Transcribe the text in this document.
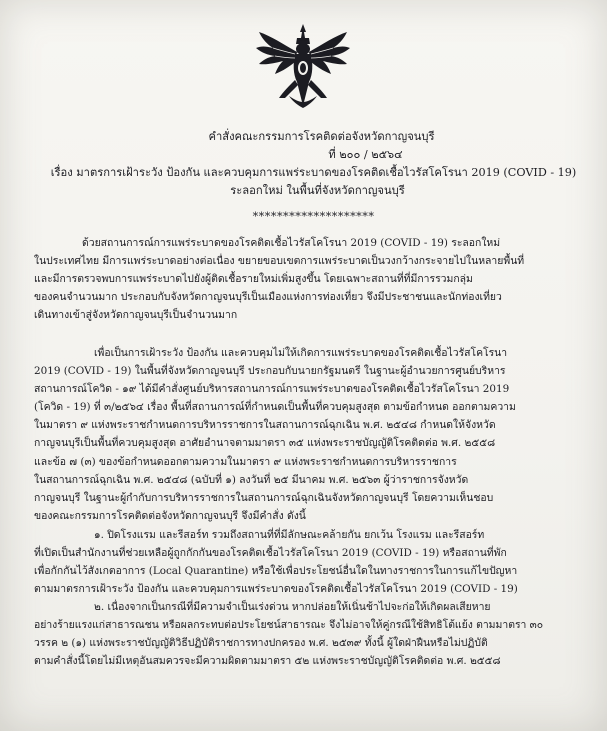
คำสั่งคณะกรรมการโรคติดต่อจังหวัดกาญจนบุรี
ที่ ๒๐๐ / ๒๕๖๔
เรื่อง มาตรการเฝ้าระวัง ป้องกัน และควบคุมการแพร่ระบาดของโรคติดเชื้อไวรัสโคโรนา 2019 (COVID - 19)
ระลอกใหม่ ในพื้นที่จังหวัดกาญจนบุรี
********************
ด้วยสถานการณ์การแพร่ระบาดของโรคติดเชื้อไวรัสโคโรนา 2019 (COVID - 19) ระลอกใหม่
ในประเทศไทย มีการแพร่ระบาดอย่างต่อเนื่อง ขยายขอบเขตการแพร่ระบาดเป็นวงกว้างกระจายไปในหลายพื้นที่
และมีการตรวจพบการแพร่ระบาดไปยังผู้ติดเชื้อรายใหม่เพิ่มสูงขึ้น โดยเฉพาะสถานที่ที่มีการรวมกลุ่ม
ของคนจำนวนมาก ประกอบกับจังหวัดกาญจนบุรีเป็นเมืองแห่งการท่องเที่ยว จึงมีประชาชนและนักท่องเที่ยว
เดินทางเข้าสู่จังหวัดกาญจนบุรีเป็นจำนวนมาก
เพื่อเป็นการเฝ้าระวัง ป้องกัน และควบคุมไม่ให้เกิดการแพร่ระบาดของโรคติดเชื้อไวรัสโคโรนา
2019 (COVID - 19) ในพื้นที่จังหวัดกาญจนบุรี ประกอบกับนายกรัฐมนตรี ในฐานะผู้อำนวยการศูนย์บริหาร
สถานการณ์โควิด - ๑๙ ได้มีคำสั่งศูนย์บริหารสถานการณ์การแพร่ระบาดของโรคติดเชื้อไวรัสโคโรนา 2019
(โควิด - 19) ที่ ๓/๒๕๖๔ เรื่อง พื้นที่สถานการณ์ที่กำหนดเป็นพื้นที่ควบคุมสูงสุด ตามข้อกำหนด ออกตามความ
ในมาตรา ๙ แห่งพระราชกำหนดการบริหารราชการในสถานการณ์ฉุกเฉิน พ.ศ. ๒๕๔๘ กำหนดให้จังหวัด
กาญจนบุรีเป็นพื้นที่ควบคุมสูงสุด อาศัยอำนาจตามมาตรา ๓๕ แห่งพระราชบัญญัติโรคติดต่อ พ.ศ. ๒๕๕๘
และข้อ ๗ (๓) ของข้อกำหนดออกตามความในมาตรา ๙ แห่งพระราชกำหนดการบริหารราชการ
ในสถานการณ์ฉุกเฉิน พ.ศ. ๒๕๔๘ (ฉบับที่ ๑) ลงวันที่ ๒๕ มีนาคม พ.ศ. ๒๕๖๓ ผู้ว่าราชการจังหวัด
กาญจนบุรี ในฐานะผู้กำกับการบริหารราชการในสถานการณ์ฉุกเฉินจังหวัดกาญจนบุรี โดยความเห็นชอบ
ของคณะกรรมการโรคติดต่อจังหวัดกาญจนบุรี จึงมีคำสั่ง ดังนี้
๑. ปิดโรงแรม และรีสอร์ท รวมถึงสถานที่ที่มีลักษณะคล้ายกัน ยกเว้น โรงแรม และรีสอร์ท
ที่เปิดเป็นสำนักงานที่ช่วยเหลือผู้ถูกกักกันของโรคติดเชื้อไวรัสโคโรนา 2019 (COVID - 19) หรือสถานที่พัก
เพื่อกักกันไว้สังเกตอาการ (Local Quarantine) หรือใช้เพื่อประโยชน์อื่นใดในทางราชการในการแก้ไขปัญหา
ตามมาตรการเฝ้าระวัง ป้องกัน และควบคุมการแพร่ระบาดของโรคติดเชื้อไวรัสโคโรนา 2019 (COVID - 19)
๒. เนื่องจากเป็นกรณีที่มีความจำเป็นเร่งด่วน หากปล่อยให้เนิ่นช้าไปจะก่อให้เกิดผลเสียหาย
อย่างร้ายแรงแก่สาธารณชน หรือผลกระทบต่อประโยชน์สาธารณะ จึงไม่อาจให้คู่กรณีใช้สิทธิโต้แย้ง ตามมาตรา ๓๐
วรรค ๒ (๑) แห่งพระราชบัญญัติวิธีปฏิบัติราชการทางปกครอง พ.ศ. ๒๕๓๙ ทั้งนี้ ผู้ใดฝ่าฝืนหรือไม่ปฏิบัติ
ตามคำสั่งนี้โดยไม่มีเหตุอันสมควรจะมีความผิดตามมาตรา ๕๒ แห่งพระราชบัญญัติโรคติดต่อ พ.ศ. ๒๕๕๘
